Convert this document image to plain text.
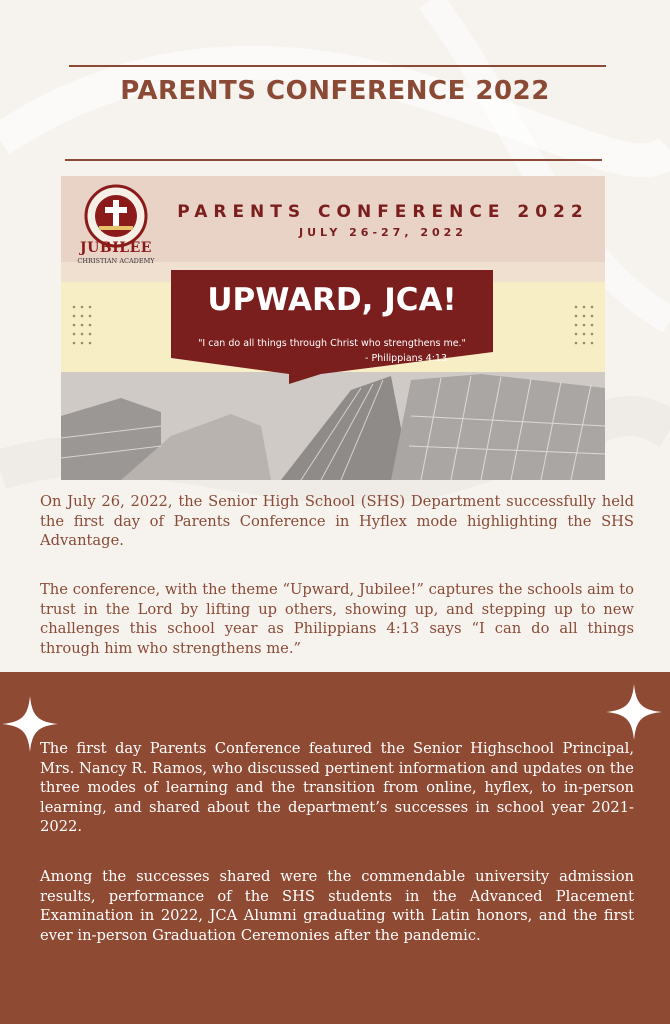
PARENTS CONFERENCE 2022
JUBILEE
CHRISTIAN ACADEMY
PARENTS CONFERENCE 2022
JULY 26-27, 2022
UPWARD, JCA!
"I can do all things through Christ who strengthens me."
- Philippians 4:13

On July 26, 2022, the Senior High School (SHS) Department successfully held the first day of Parents Conference in Hyflex mode highlighting the SHS Advantage.

The conference, with the theme “Upward, Jubilee!” captures the schools aim to trust in the Lord by lifting up others, showing up, and stepping up to new challenges this school year as Philippians 4:13 says “I can do all things through him who strengthens me.”

The first day Parents Conference featured the Senior Highschool Principal, Mrs. Nancy R. Ramos, who discussed pertinent information and updates on the three modes of learning and the transition from online, hyflex, to in-person learning, and shared about the department’s successes in school year 2021-2022.

Among the successes shared were the commendable university admission results, performance of the SHS students in the Advanced Placement Examination in 2022, JCA Alumni graduating with Latin honors, and the first ever in-person Graduation Ceremonies after the pandemic.
